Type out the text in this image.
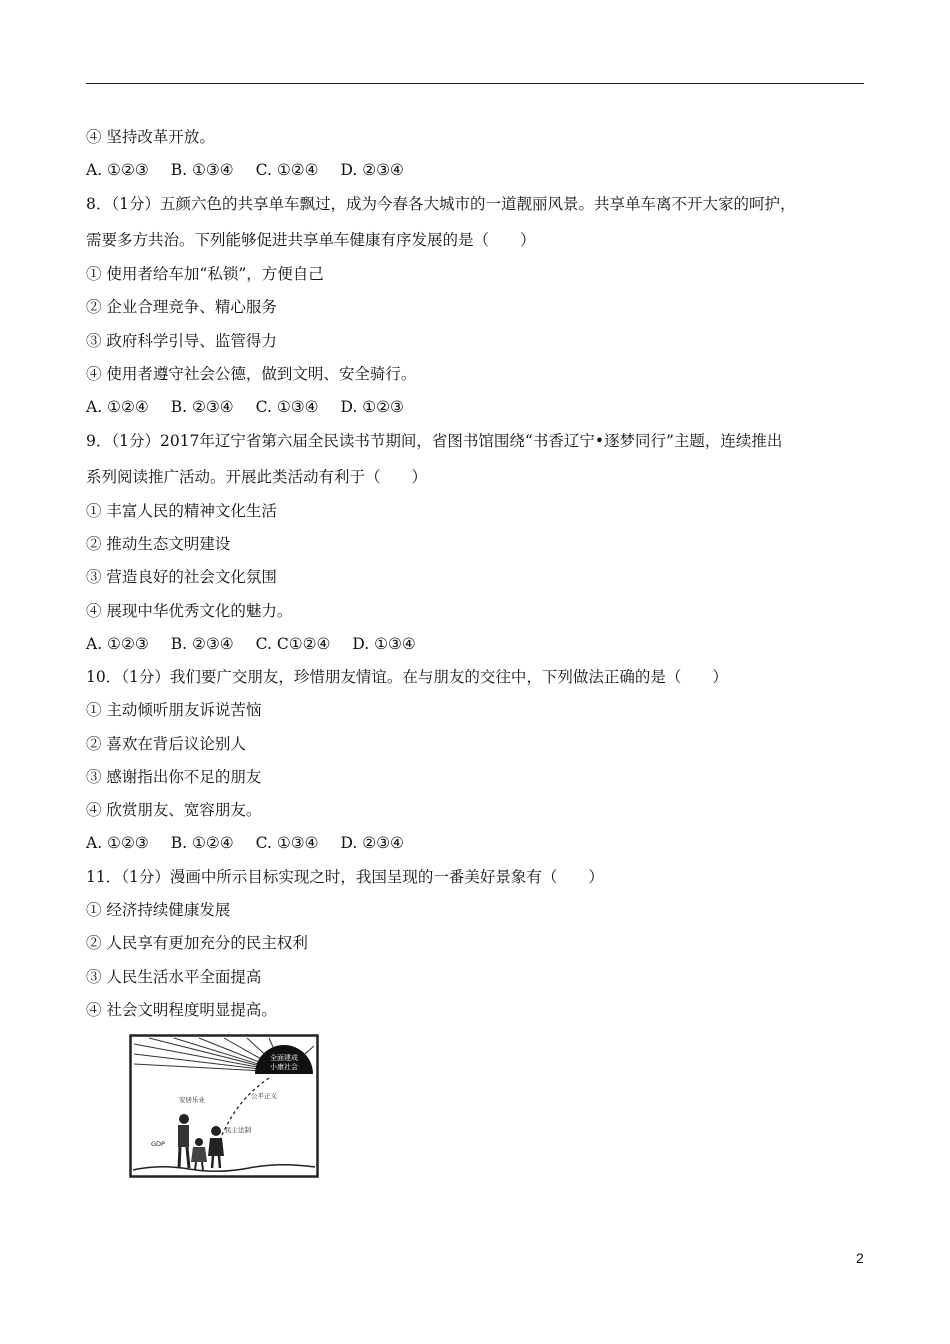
④ 坚持改革开放。
A. ①②③ B. ①③④ C. ①②④ D. ②③④
8．（1分）五颜六色的共享单车飘过，成为今春各大城市的一道靓丽风景。共享单车离不开大家的呵护，
需要多方共治。下列能够促进共享单车健康有序发展的是（　　）
① 使用者给车加“私锁”，方便自己
② 企业合理竞争、精心服务
③ 政府科学引导、监管得力
④ 使用者遵守社会公德，做到文明、安全骑行。
A. ①②④ B. ②③④ C. ①③④ D. ①②③
9．（1分）2017年辽宁省第六届全民读书节期间，省图书馆围绕“书香辽宁•逐梦同行”主题，连续推出
系列阅读推广活动。开展此类活动有利于（　　）
① 丰富人民的精神文化生活
② 推动生态文明建设
③ 营造良好的社会文化氛围
④ 展现中华优秀文化的魅力。
A. ①②③ B. ②③④ C. C①②④ D. ①③④
10．（1分）我们要广交朋友，珍惜朋友情谊。在与朋友的交往中，下列做法正确的是（　　）
① 主动倾听朋友诉说苦恼
② 喜欢在背后议论别人
③ 感谢指出你不足的朋友
④ 欣赏朋友、宽容朋友。
A. ①②③ B. ①②④ C. ①③④ D. ②③④
11．（1分）漫画中所示目标实现之时，我国呈现的一番美好景象有（　　）
① 经济持续健康发展
② 人民享有更加充分的民主权利
③ 人民生活水平全面提高
④ 社会文明程度明显提高。
全面建成
小康社会
公平正义
安居乐业
民主法制
GDP
2
